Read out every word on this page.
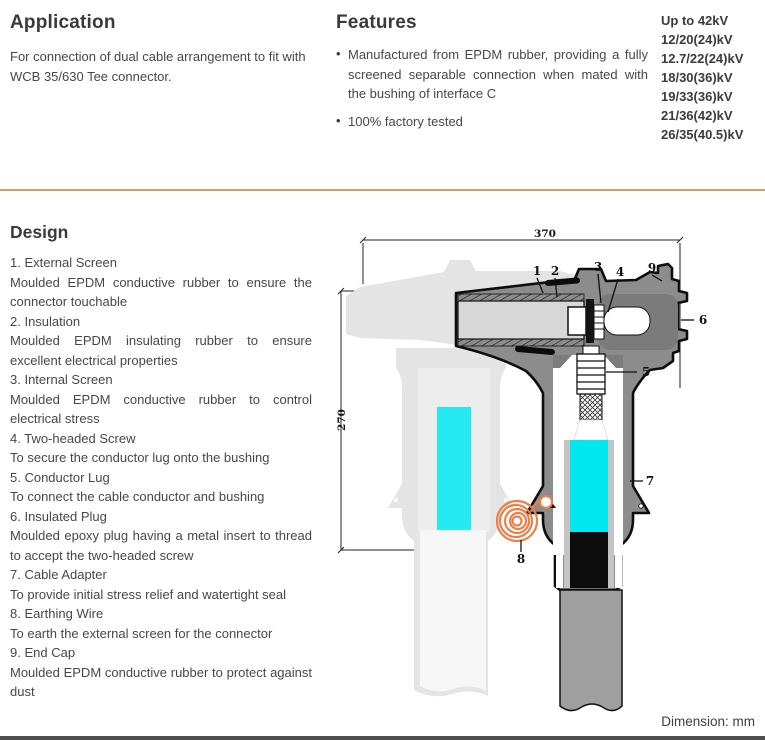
Application

For connection of dual cable arrangement to fit with WCB 35/630 Tee connector.

Features
• Manufactured from EPDM rubber, providing a fully screened separable connection when mated with the bushing of interface C

• 100% factory tested

Up to 42kV
12/20(24)kV
12.7/22(24)kV
18/30(36)kV
19/33(36)kV
21/36(42)kV
26/35(40.5)kV
Design
1. External Screen
Moulded EPDM conductive rubber to ensure the connector touchable
2. Insulation
Moulded EPDM insulating rubber to ensure excellent electrical properties
3. Internal Screen
Moulded EPDM conductive rubber to control electrical stress
4. Two-headed Screw
To secure the conductor lug onto the bushing
5. Conductor Lug
To connect the cable conductor and bushing
6. Insulated Plug
Moulded epoxy plug having a metal insert to thread to accept the two-headed screw
7. Cable Adapter
To provide initial stress relief and watertight seal
8. Earthing Wire
To earth the external screen for the connector
9. End Cap
Moulded EPDM conductive rubber to protect against dust
370
270
1 2	3 4
5
6
7
8
9
Dimension: mm
